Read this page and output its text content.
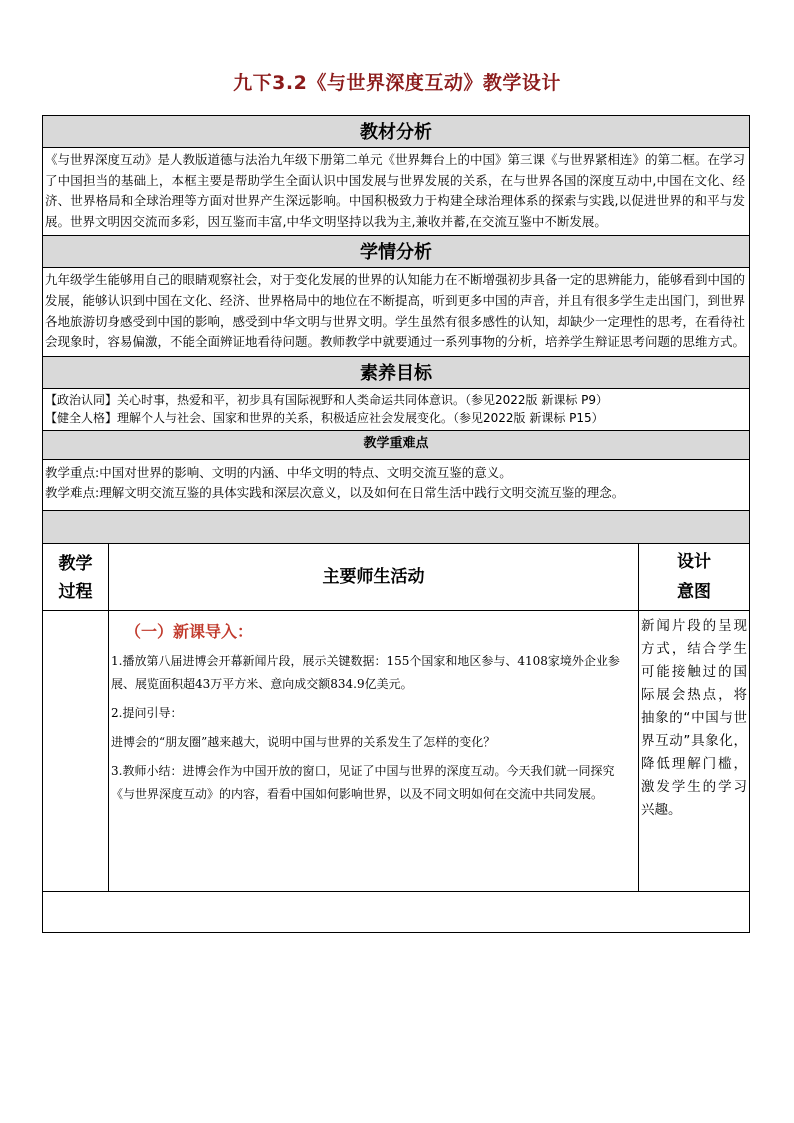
九下3.2《与世界深度互动》教学设计
教材分析
《与世界深度互动》是人教版道德与法治九年级下册第二单元《世界舞台上的中国》第三课《与世界紧相连》的第二框。在学习了中国担当的基础上，本框主要是帮助学生全面认识中国发展与世界发展的关系，在与世界各国的深度互动中,中国在文化、经济、世界格局和全球治理等方面对世界产生深远影响。中国积极致力于构建全球治理体系的探索与实践,以促进世界的和平与发展。世界文明因交流而多彩，因互鉴而丰富,中华文明坚持以我为主,兼收并蓄,在交流互鉴中不断发展。
学情分析
九年级学生能够用自己的眼睛观察社会，对于变化发展的世界的认知能力在不断增强初步具备一定的思辨能力，能够看到中国的发展，能够认识到中国在文化、经济、世界格局中的地位在不断提高，听到更多中国的声音，并且有很多学生走出国门，到世界各地旅游切身感受到中国的影响，感受到中华文明与世界文明。学生虽然有很多感性的认知，却缺少一定理性的思考，在看待社会现象时，容易偏激，不能全面辨证地看待问题。教师教学中就要通过一系列事物的分析，培养学生辩证思考问题的思维方式。
素养目标
【政治认同】关心时事，热爱和平，初步具有国际视野和人类命运共同体意识。（参见2022版 新课标 P9）
【健全人格】理解个人与社会、国家和世界的关系，积极适应社会发展变化。（参见2022版 新课标 P15）
教学重难点
教学重点:中国对世界的影响、文明的内涵、中华文明的特点、文明交流互鉴的意义。
教学难点:理解文明交流互鉴的具体实践和深层次意义，以及如何在日常生活中践行文明交流互鉴的理念。
教学
过程
主要师生活动
设计
意图
（一）新课导入：
1.播放第八届进博会开幕新闻片段，展示关键数据：155个国家和地区参与、4108家境外企业参展、展览面积超43万平方米、意向成交额834.9亿美元。
2.提问引导：
进博会的“朋友圈”越来越大，说明中国与世界的关系发生了怎样的变化？
3.教师小结：进博会作为中国开放的窗口，见证了中国与世界的深度互动。今天我们就一同探究《与世界深度互动》的内容，看看中国如何影响世界，以及不同文明如何在交流中共同发展。
新闻片段的呈现方式，结合学生可能接触过的国际展会热点，将抽象的“中国与世界互动”具象化，降低理解门槛，激发学生的学习兴趣。
